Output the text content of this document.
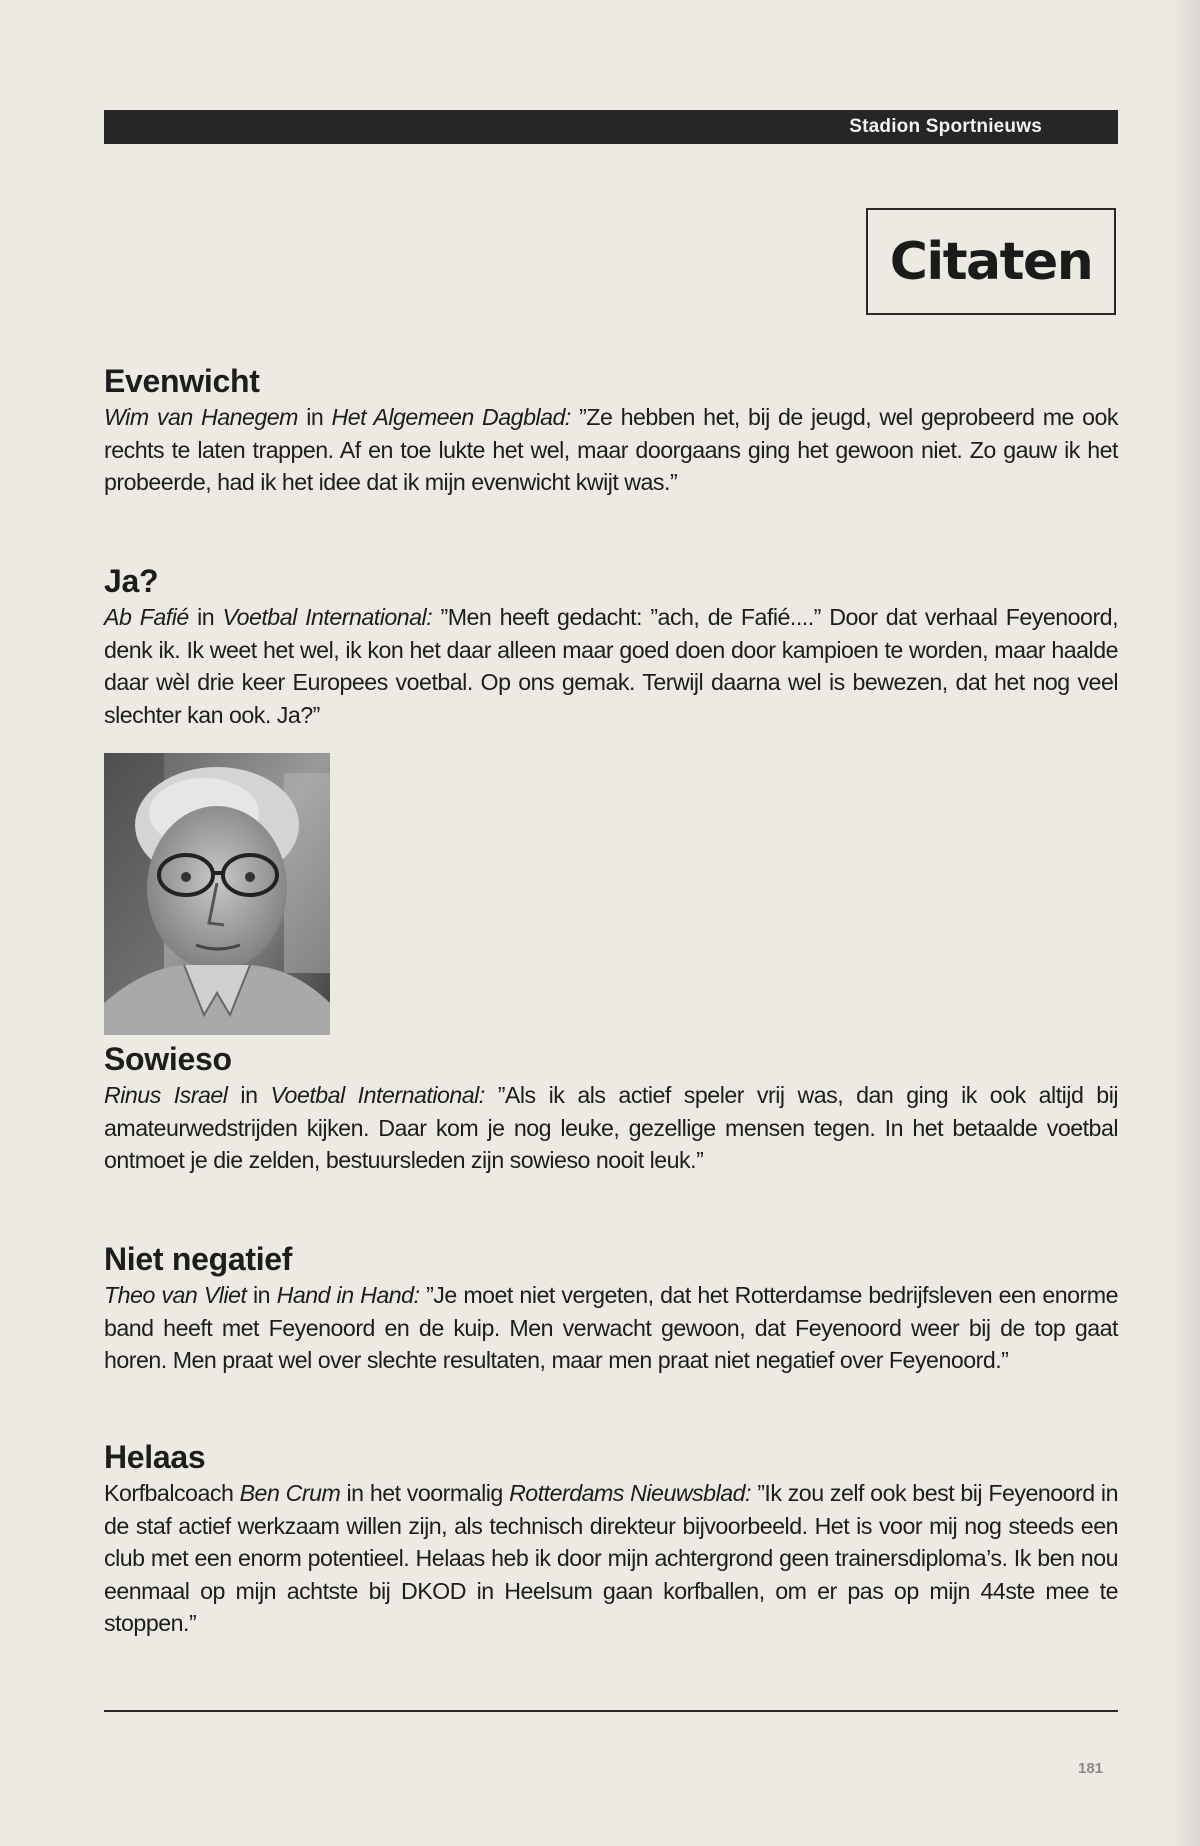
Stadion Sportnieuws
Citaten
Evenwicht

Wim van Hanegem in Het Algemeen Dagblad: ”Ze hebben het, bij de jeugd, wel geprobeerd me ook rechts te laten trappen. Af en toe lukte het wel, maar doorgaans ging het gewoon niet. Zo gauw ik het probeerde, had ik het idee dat ik mijn evenwicht kwijt was.”

Ja?

Ab Fafié in Voetbal International: ”Men heeft gedacht: ”ach, de Fafié....” Door dat verhaal Feyenoord, denk ik. Ik weet het wel, ik kon het daar alleen maar goed doen door kampioen te worden, maar haalde daar wèl drie keer Europees voetbal. Op ons gemak. Terwijl daarna wel is bewezen, dat het nog veel slechter kan ook. Ja?”

Sowieso

Rinus Israel in Voetbal International: ”Als ik als actief speler vrij was, dan ging ik ook altijd bij amateurwedstrijden kijken. Daar kom je nog leuke, gezellige mensen tegen. In het betaalde voetbal ontmoet je die zelden, bestuursleden zijn sowieso nooit leuk.”

Niet negatief

Theo van Vliet in Hand in Hand: ”Je moet niet vergeten, dat het Rotterdamse bedrijfsleven een enorme band heeft met Feyenoord en de kuip. Men verwacht gewoon, dat Feyenoord weer bij de top gaat horen. Men praat wel over slechte resultaten, maar men praat niet negatief over Feyenoord.”

Helaas

Korfbalcoach Ben Crum in het voormalig Rotterdams Nieuwsblad: ”Ik zou zelf ook best bij Feyenoord in de staf actief werkzaam willen zijn, als technisch direkteur bijvoorbeeld. Het is voor mij nog steeds een club met een enorm potentieel. Helaas heb ik door mijn achtergrond geen trainersdiploma’s. Ik ben nou eenmaal op mijn achtste bij DKOD in Heelsum gaan korfballen, om er pas op mijn 44ste mee te stoppen.”

181
